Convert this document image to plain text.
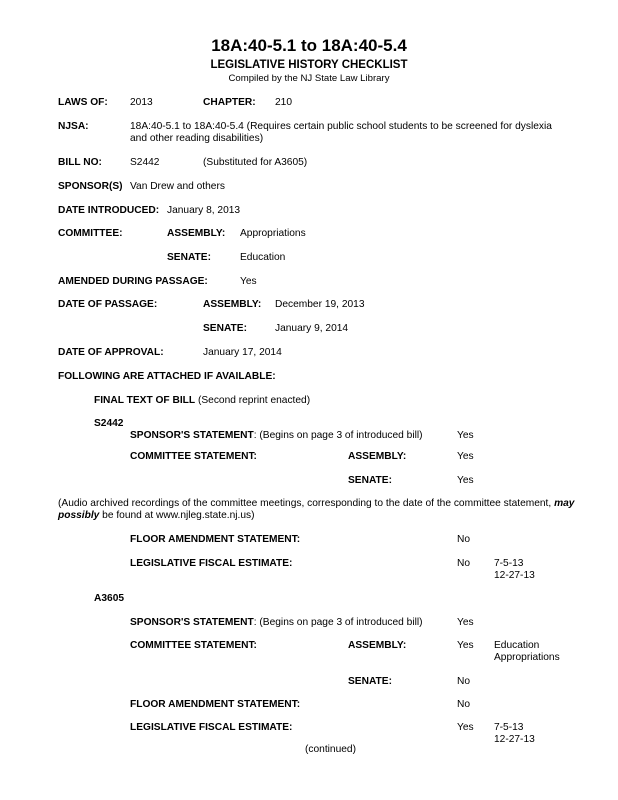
18A:40-5.1 to 18A:40-5.4
LEGISLATIVE HISTORY CHECKLIST
Compiled by the NJ State Law Library
LAWS OF: 2013	CHAPTER: 210
NJSA:	18A:40-5.1 to 18A:40-5.4 (Requires certain public school students to be screened for dyslexia and other reading disabilities)
BILL NO:	S2442	(Substituted for A3605)
SPONSOR(S) Van Drew and others
DATE INTRODUCED: January 8, 2013
COMMITTEE:	ASSEMBLY: Appropriations
SENATE:	Education
AMENDED DURING PASSAGE:	Yes
DATE OF PASSAGE:	ASSEMBLY: December 19, 2013
SENATE:	January 9, 2014
DATE OF APPROVAL:	January 17, 2014
FOLLOWING ARE ATTACHED IF AVAILABLE:
FINAL TEXT OF BILL (Second reprint enacted)
S2442
SPONSOR'S STATEMENT: (Begins on page 3 of introduced bill)	Yes
COMMITTEE STATEMENT:	ASSEMBLY:	Yes
SENATE:	Yes
(Audio archived recordings of the committee meetings, corresponding to the date of the committee statement, may possibly be found at www.njleg.state.nj.us)
FLOOR AMENDMENT STATEMENT:	No
LEGISLATIVE FISCAL ESTIMATE:	No 7-5-13
12-27-13
A3605
SPONSOR'S STATEMENT: (Begins on page 3 of introduced bill)	Yes
COMMITTEE STATEMENT:	ASSEMBLY:	Yes Education
Appropriations
SENATE:	No
FLOOR AMENDMENT STATEMENT:	No
LEGISLATIVE FISCAL ESTIMATE:	Yes 7-5-13
12-27-13
(continued)
